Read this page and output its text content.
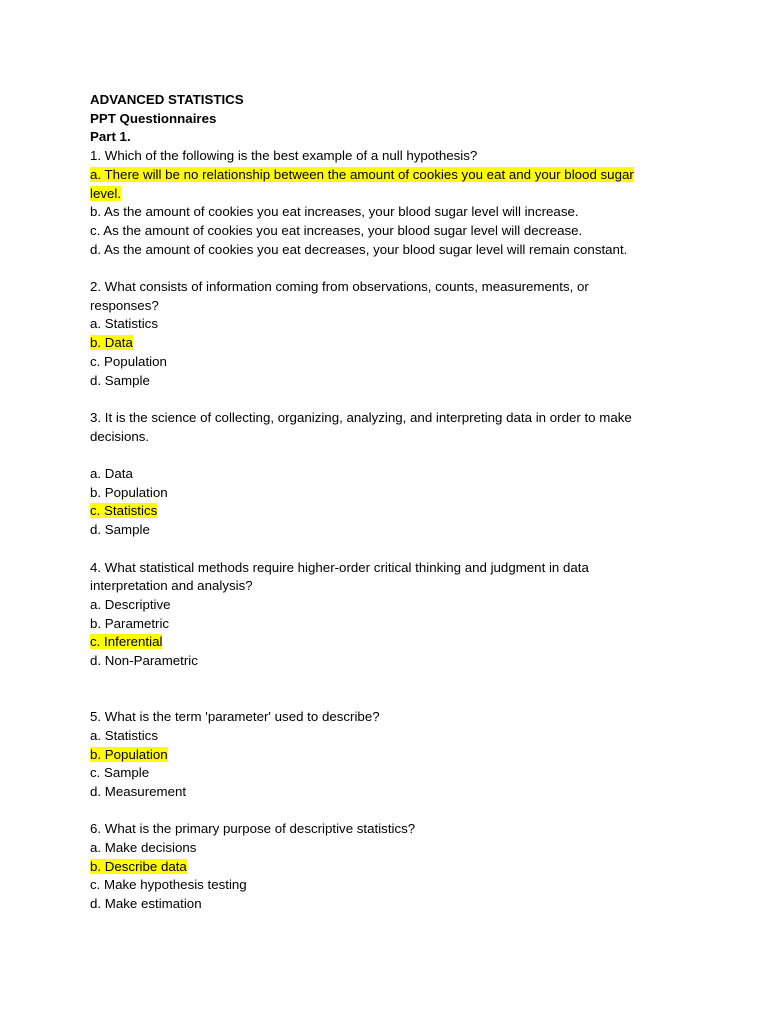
ADVANCED STATISTICS
PPT Questionnaires
Part 1.
1. Which of the following is the best example of a null hypothesis?
a. There will be no relationship between the amount of cookies you eat and your blood sugar
level.
b. As the amount of cookies you eat increases, your blood sugar level will increase.
c. As the amount of cookies you eat increases, your blood sugar level will decrease.
d. As the amount of cookies you eat decreases, your blood sugar level will remain constant.
2. What consists of information coming from observations, counts, measurements, or
responses?
a. Statistics
b. Data
c. Population
d. Sample
3. It is the science of collecting, organizing, analyzing, and interpreting data in order to make
decisions.
a. Data
b. Population
c. Statistics
d. Sample
4. What statistical methods require higher-order critical thinking and judgment in data
interpretation and analysis?
a. Descriptive
b. Parametric
c. Inferential
d. Non-Parametric
5. What is the term 'parameter' used to describe?
a. Statistics
b. Population
c. Sample
d. Measurement
6. What is the primary purpose of descriptive statistics?
a. Make decisions
b. Describe data
c. Make hypothesis testing
d. Make estimation
